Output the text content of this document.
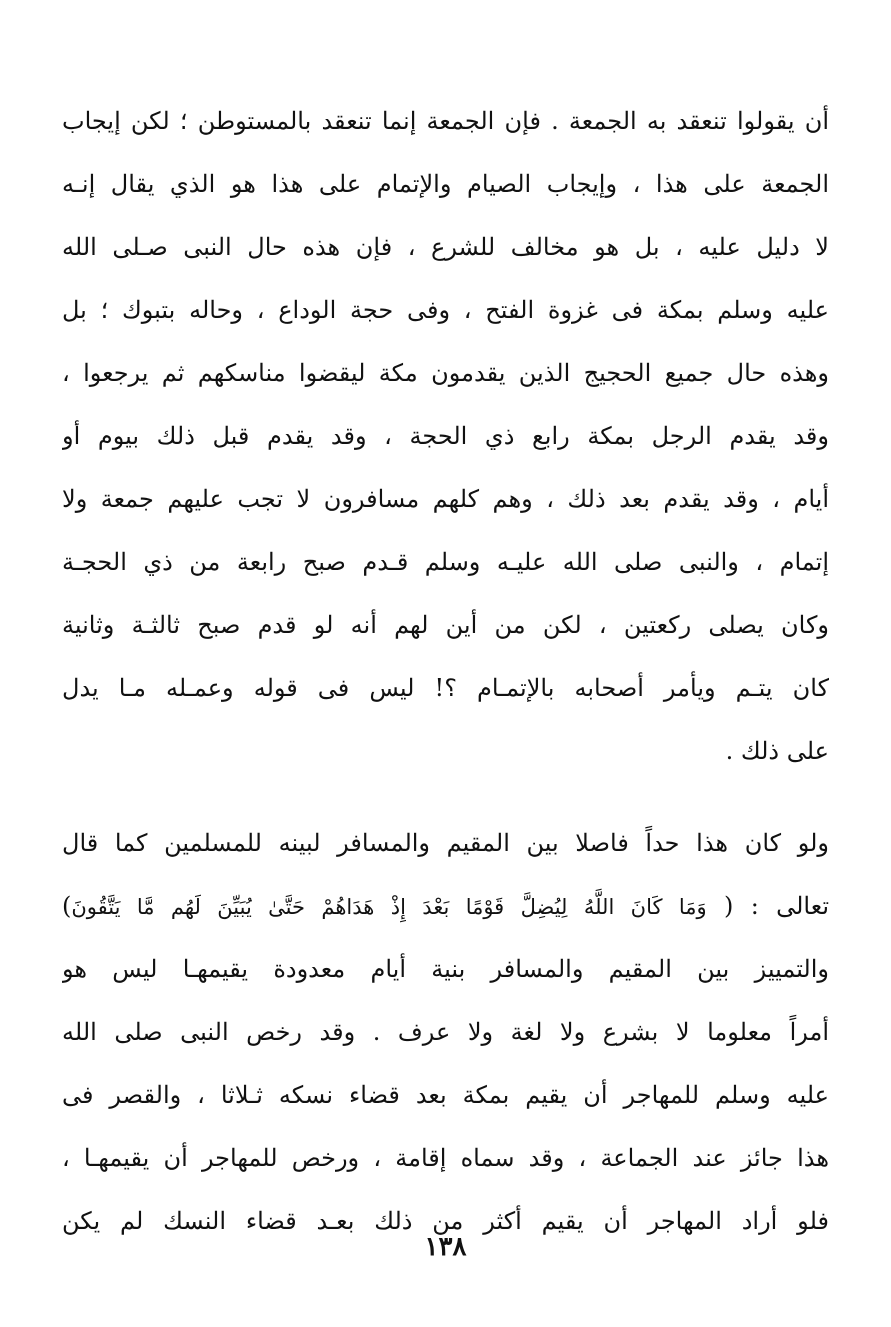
أن يقولوا تنعقد به الجمعة . فإن الجمعة إنما تنعقد بالمستوطن ؛ لكن إيجاب
الجمعة على هذا ، وإيجاب الصيام والإتمام على هذا هو الذي يقال إنـه
لا دليل عليه ، بل هو مخالف للشرع ، فإن هذه حال النبى صـلى الله
عليه وسلم بمكة فى غزوة الفتح ، وفى حجة الوداع ، وحاله بتبوك ؛ بل
وهذه حال جميع الحجيج الذين يقدمون مكة ليقضوا مناسكهم ثم يرجعوا ،
وقد يقدم الرجل بمكة رابع ذي الحجة ، وقد يقدم قبل ذلك بيوم أو
أيام ، وقد يقدم بعد ذلك ، وهم كلهم مسافرون لا تجب عليهم جمعة ولا
إتمام ، والنبى صلى الله عليـه وسلم قـدم صبح رابعة من ذي الحجـة
وكان يصلى ركعتين ، لكن من أين لهم أنه لو قدم صبح ثالثـة وثانية
كان يتـم ويأمر أصحابه بالإتمـام ؟! ليس فى قوله وعمـله مـا يدل
على ذلك .
ولو كان هذا حداً فاصلا بين المقيم والمسافر لبينه للمسلمين كما قال
تعالى : ( وَمَا كَانَ اللَّهُ لِيُضِلَّ قَوْمًا بَعْدَ إِذْ هَدَاهُمْ حَتَّىٰ يُبَيِّنَ لَهُم مَّا يَتَّقُونَ)
والتمييز بين المقيم والمسافر بنية أيام معدودة يقيمهـا ليس هو
أمراً معلوما لا بشرع ولا لغة ولا عرف . وقد رخص النبى صلى الله
عليه وسلم للمهاجر أن يقيم بمكة بعد قضاء نسكه ثـلاثا ، والقصر فى
هذا جائز عند الجماعة ، وقد سماه إقامة ، ورخص للمهاجر أن يقيمهـا ،
فلو أراد المهاجر أن يقيم أكثر من ذلك بعـد قضاء النسك لم يكن
١٣٨
